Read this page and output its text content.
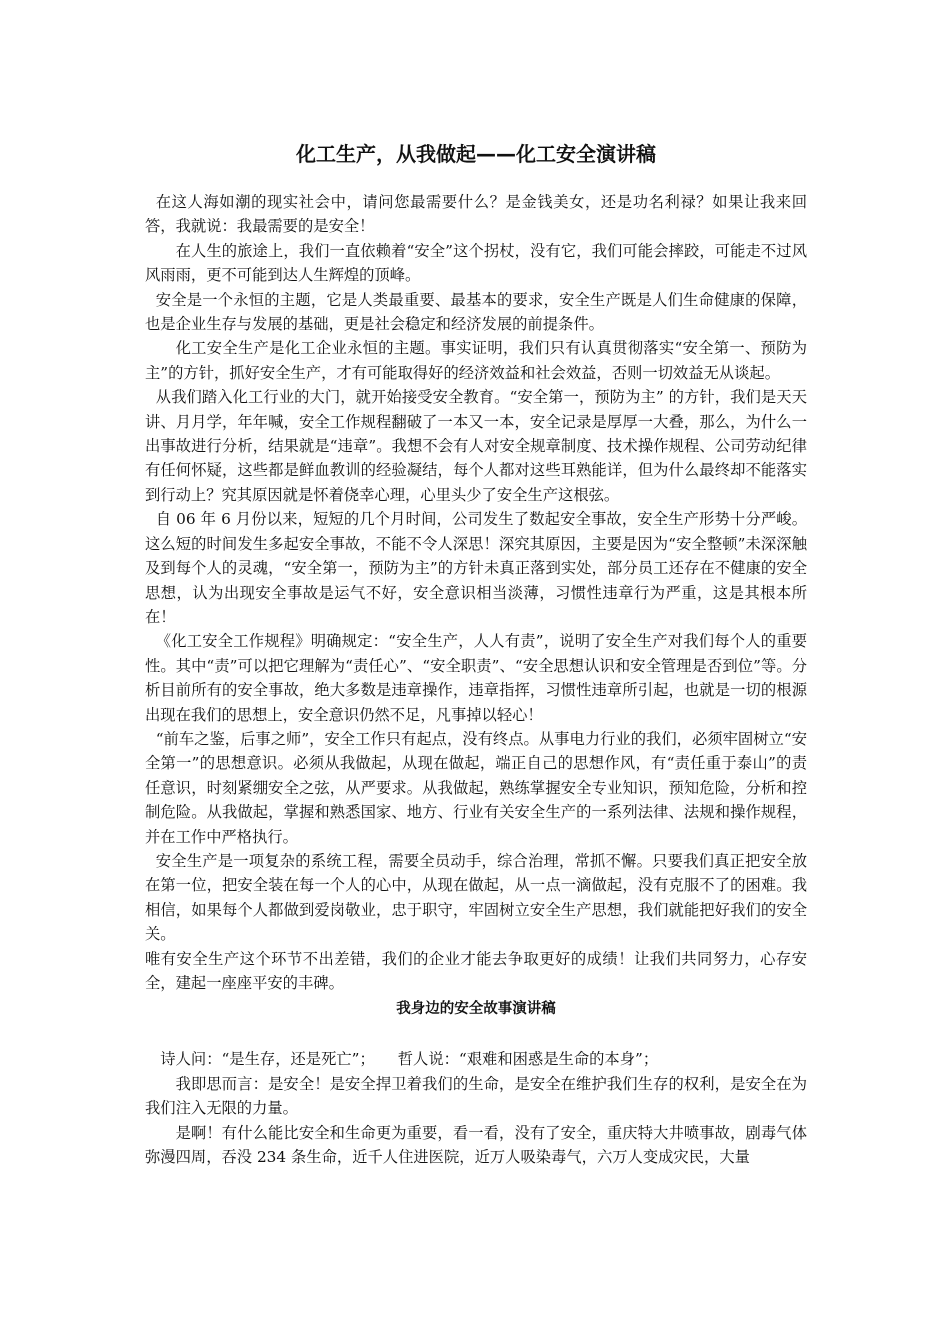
化工生产，从我做起——化工安全演讲稿

在这人海如潮的现实社会中，请问您最需要什么？是金钱美女，还是功名利禄？如果让我来回答，我就说：我最需要的是安全！

在人生的旅途上，我们一直依赖着“安全”这个拐杖，没有它，我们可能会摔跤，可能走不过风风雨雨，更不可能到达人生辉煌的顶峰。

安全是一个永恒的主题，它是人类最重要、最基本的要求，安全生产既是人们生命健康的保障，也是企业生存与发展的基础，更是社会稳定和经济发展的前提条件。

化工安全生产是化工企业永恒的主题。事实证明，我们只有认真贯彻落实“安全第一、预防为主”的方针，抓好安全生产，才有可能取得好的经济效益和社会效益，否则一切效益无从谈起。

从我们踏入化工行业的大门，就开始接受安全教育。“安全第一，预防为主” 的方针，我们是天天讲、月月学，年年喊，安全工作规程翻破了一本又一本，安全记录是厚厚一大叠，那么，为什么一出事故进行分析，结果就是“违章”。我想不会有人对安全规章制度、技术操作规程、公司劳动纪律有任何怀疑，这些都是鲜血教训的经验凝结，每个人都对这些耳熟能详，但为什么最终却不能落实到行动上？究其原因就是怀着侥幸心理，心里头少了安全生产这根弦。

自 06 年 6 月份以来，短短的几个月时间，公司发生了数起安全事故，安全生产形势十分严峻。这么短的时间发生多起安全事故，不能不令人深思！深究其原因，主要是因为“安全整顿”未深深触及到每个人的灵魂，“安全第一，预防为主”的方针未真正落到实处，部分员工还存在不健康的安全思想，认为出现安全事故是运气不好，安全意识相当淡薄，习惯性违章行为严重，这是其根本所在！

《化工安全工作规程》明确规定：“安全生产，人人有责”，说明了安全生产对我们每个人的重要性。其中“责”可以把它理解为“责任心”、“安全职责”、“安全思想认识和安全管理是否到位”等。分析目前所有的安全事故，绝大多数是违章操作，违章指挥，习惯性违章所引起，也就是一切的根源出现在我们的思想上，安全意识仍然不足，凡事掉以轻心！

“前车之鉴，后事之师”，安全工作只有起点，没有终点。从事电力行业的我们，必须牢固树立“安全第一”的思想意识。必须从我做起，从现在做起，端正自己的思想作风，有“责任重于泰山”的责任意识，时刻紧绷安全之弦，从严要求。从我做起，熟练掌握安全专业知识，预知危险，分析和控制危险。从我做起，掌握和熟悉国家、地方、行业有关安全生产的一系列法律、法规和操作规程，并在工作中严格执行。

安全生产是一项复杂的系统工程，需要全员动手，综合治理，常抓不懈。只要我们真正把安全放在第一位，把安全装在每一个人的心中，从现在做起，从一点一滴做起，没有克服不了的困难。我相信，如果每个人都做到爱岗敬业，忠于职守，牢固树立安全生产思想，我们就能把好我们的安全关。

唯有安全生产这个环节不出差错，我们的企业才能去争取更好的成绩！让我们共同努力，心存安全，建起一座座平安的丰碑。

我身边的安全故事演讲稿

诗人问：“是生存，还是死亡”；　　哲人说：“艰难和困惑是生命的本身”；

我即思而言：是安全！是安全捍卫着我们的生命，是安全在维护我们生存的权利，是安全在为我们注入无限的力量。

是啊！有什么能比安全和生命更为重要，看一看，没有了安全，重庆特大井喷事故，剧毒气体弥漫四周，吞没 234 条生命，近千人住进医院，近万人吸染毒气，六万人变成灾民，大量
